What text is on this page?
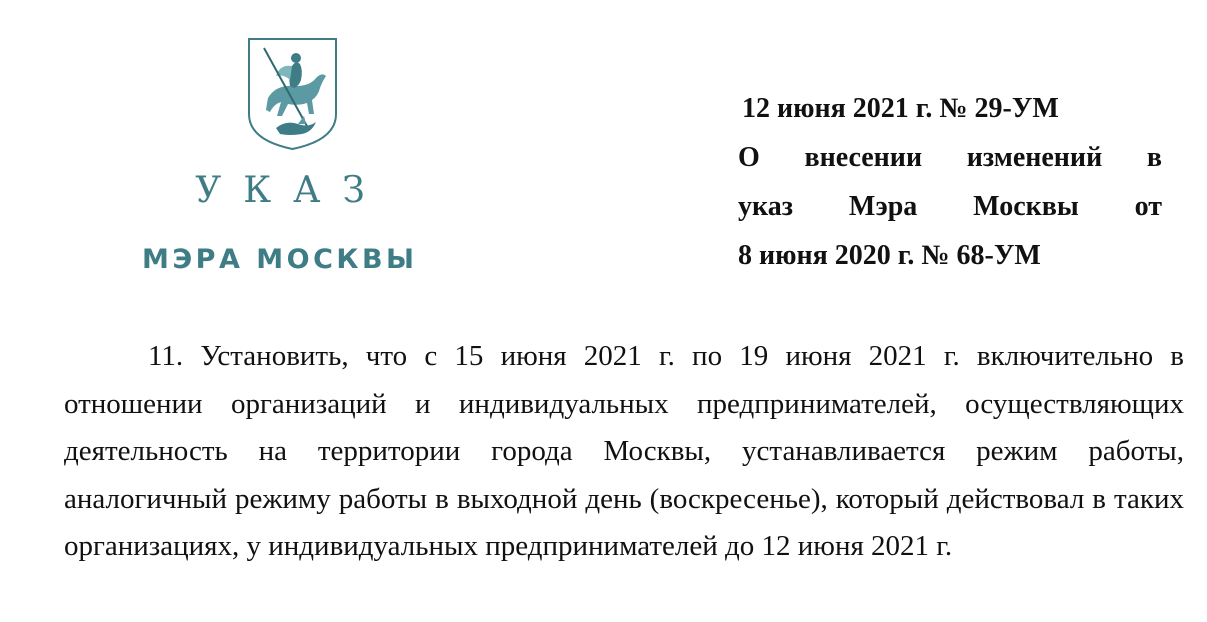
УКАЗ
МЭРА МОСКВЫ
12 июня 2021 г. № 29-УМ
О внесении изменений в
указ Мэра Москвы от
8 июня 2020 г. № 68-УМ

11. Установить, что с 15 июня 2021 г. по 19 июня 2021 г. включительно в отношении организаций и индивидуальных предпринимателей, осуществляющих деятельность на территории города Москвы, устанавливается режим работы, аналогичный режиму работы в выходной день (воскресенье), который действовал в таких организациях, у индивидуальных предпринимателей до 12 июня 2021 г.
